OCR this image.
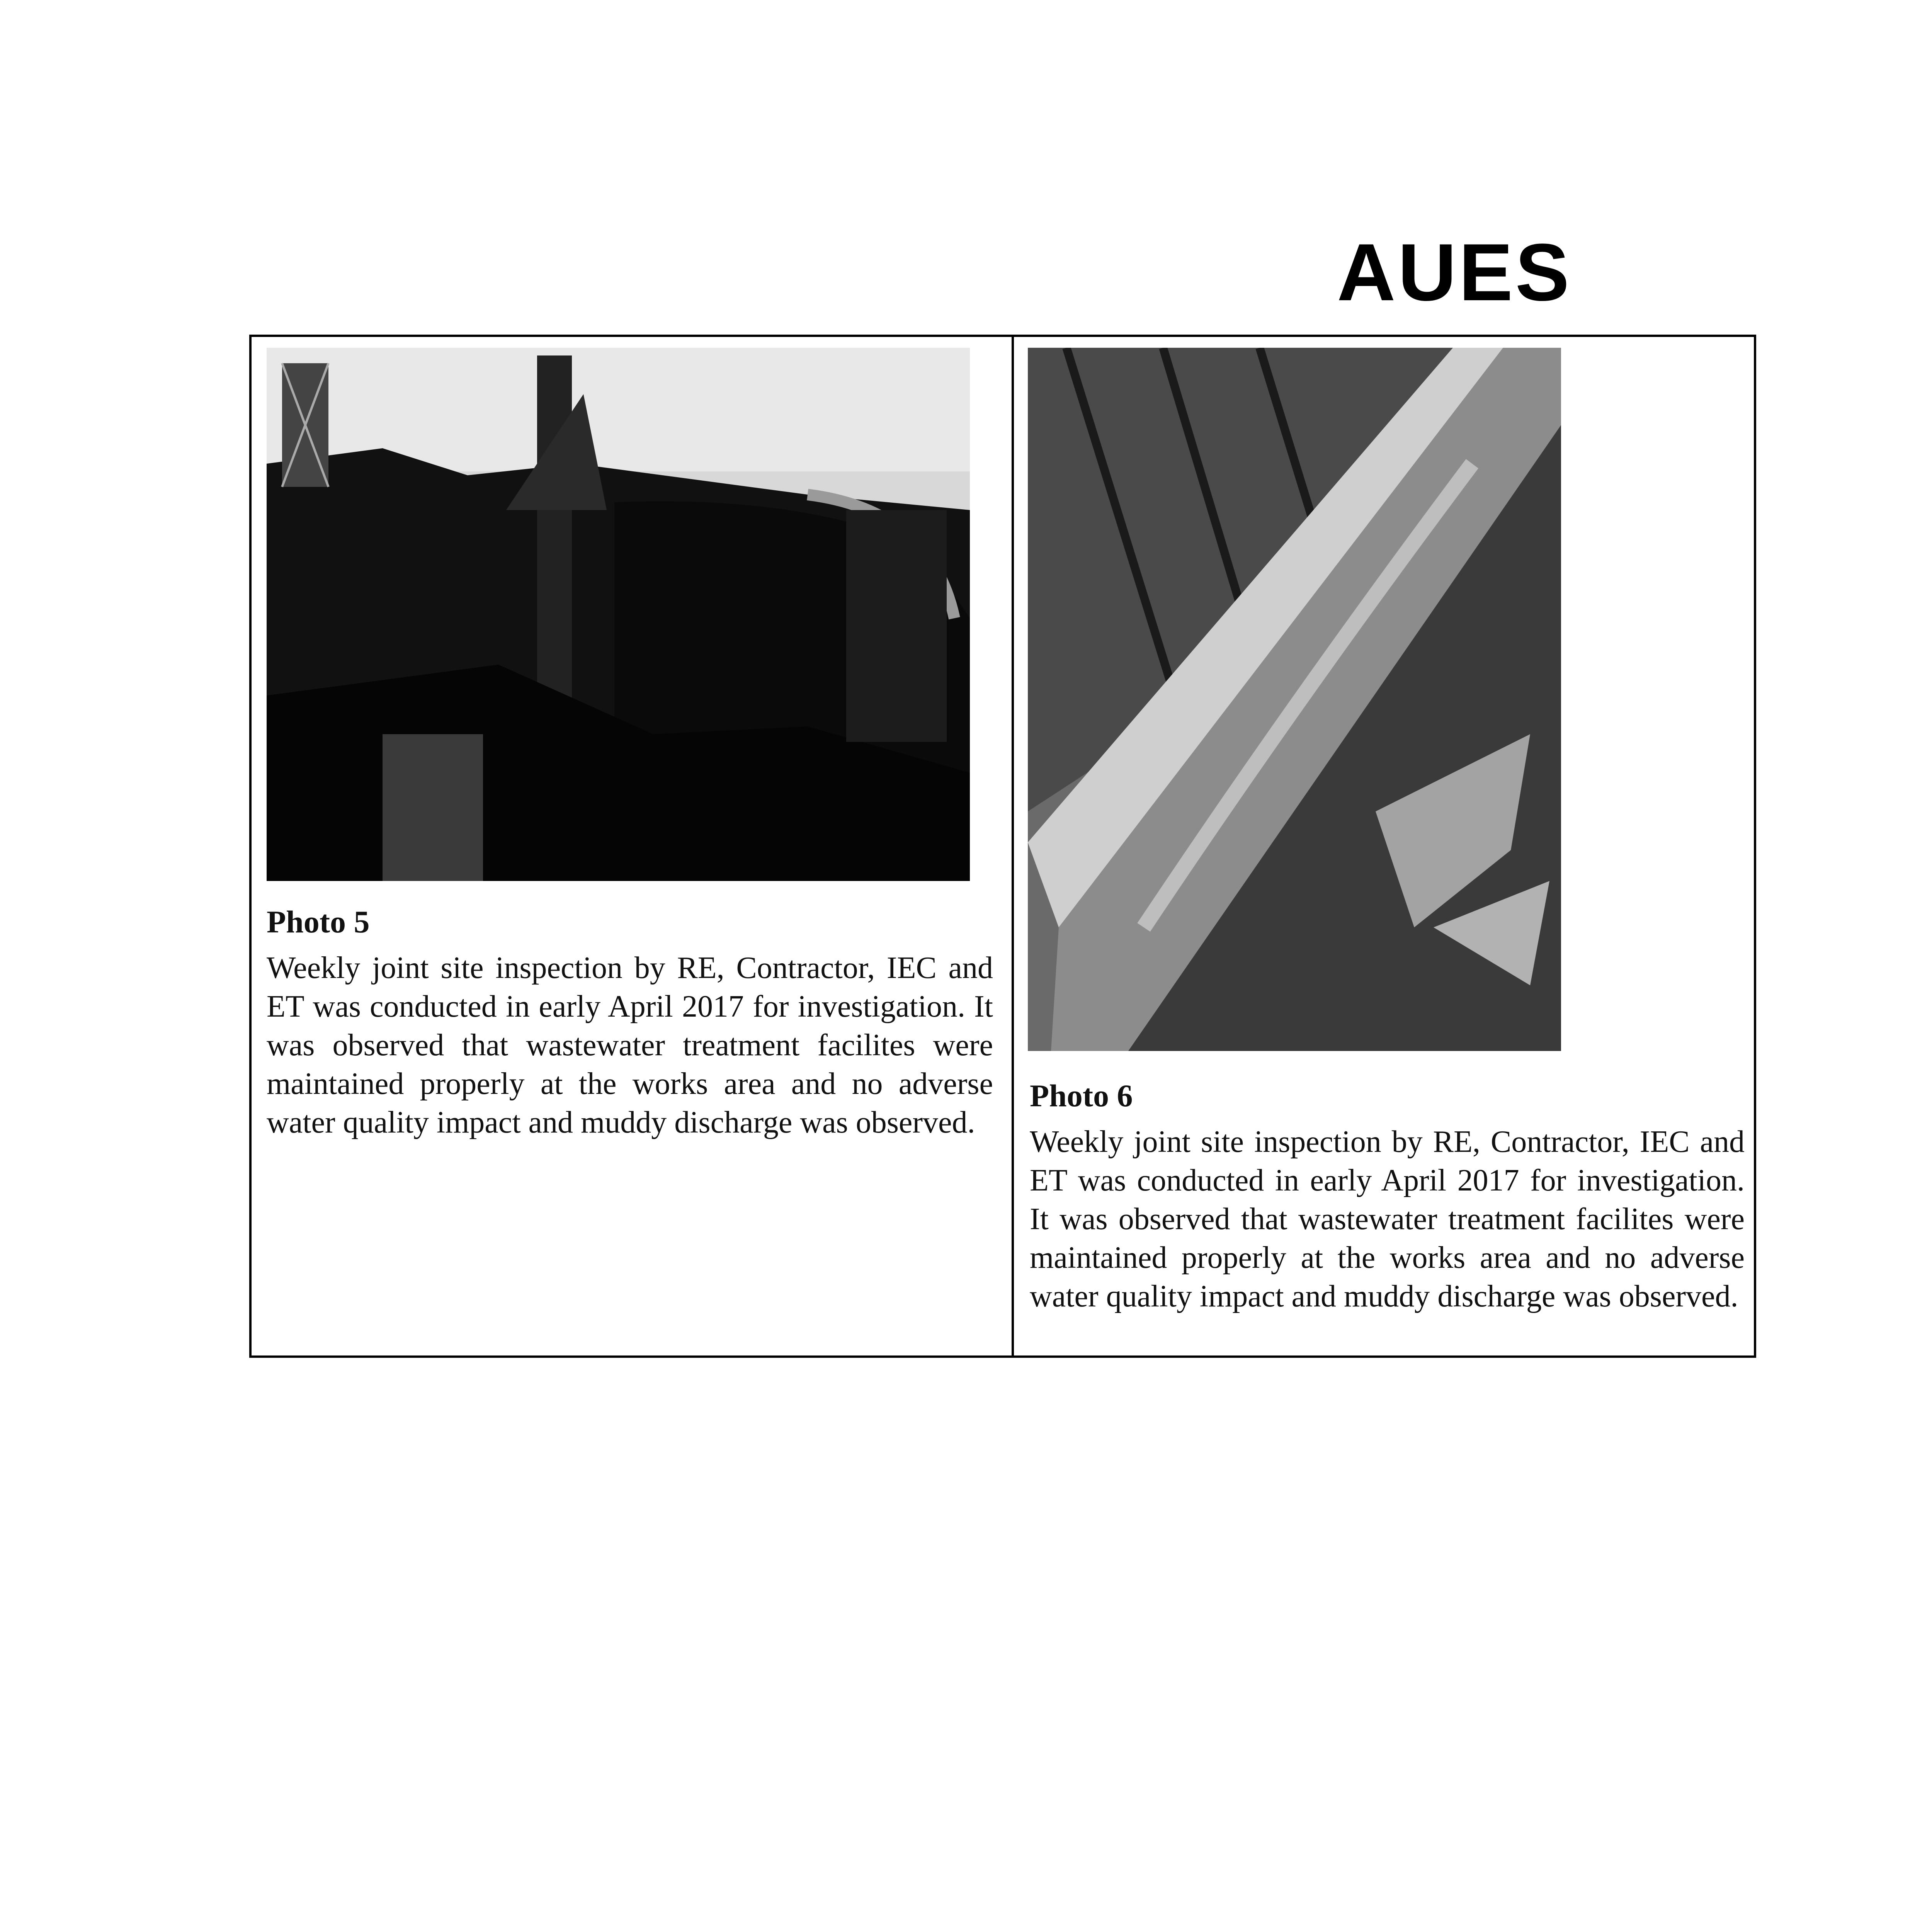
AUES
Photo 5
Weekly joint site inspection by RE, Contractor, IEC and ET was conducted in early April 2017 for investigation. It was observed that wastewater treatment facilites were maintained properly at the works area and no adverse water quality impact and muddy discharge was observed.
Photo 6
Weekly joint site inspection by RE, Contractor, IEC and ET was conducted in early April 2017 for investigation. It was observed that wastewater treatment facilites were maintained properly at the works area and no adverse water quality impact and muddy discharge was observed.
